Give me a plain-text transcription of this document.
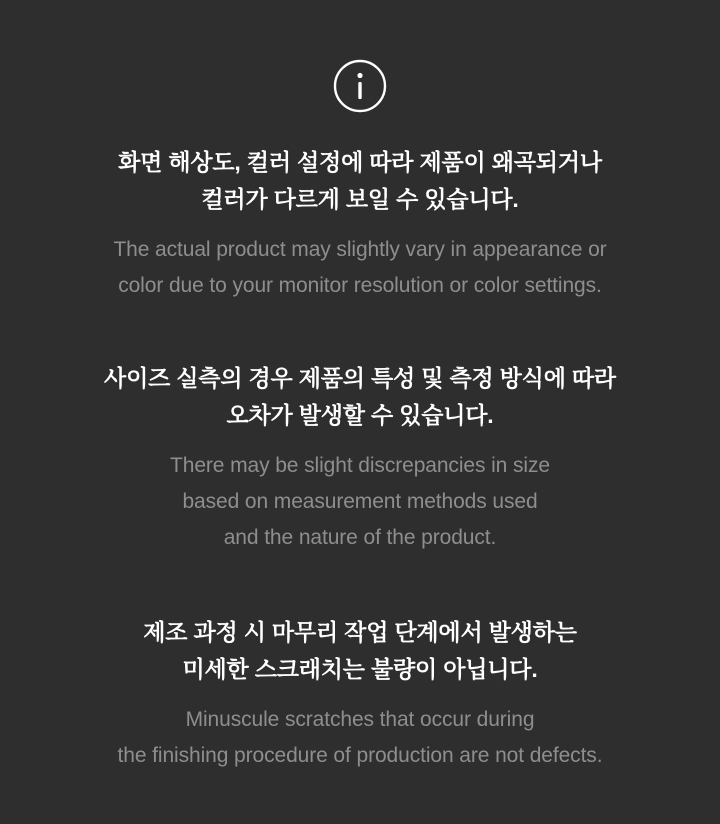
화면 해상도, 컬러 설정에 따라 제품이 왜곡되거나
컬러가 다르게 보일 수 있습니다.
The actual product may slightly vary in appearance or
color due to your monitor resolution or color settings.
사이즈 실측의 경우 제품의 특성 및 측정 방식에 따라
오차가 발생할 수 있습니다.
There may be slight discrepancies in size
based on measurement methods used
and the nature of the product.
제조 과정 시 마무리 작업 단계에서 발생하는
미세한 스크래치는 불량이 아닙니다.
Minuscule scratches that occur during
the finishing procedure of production are not defects.
